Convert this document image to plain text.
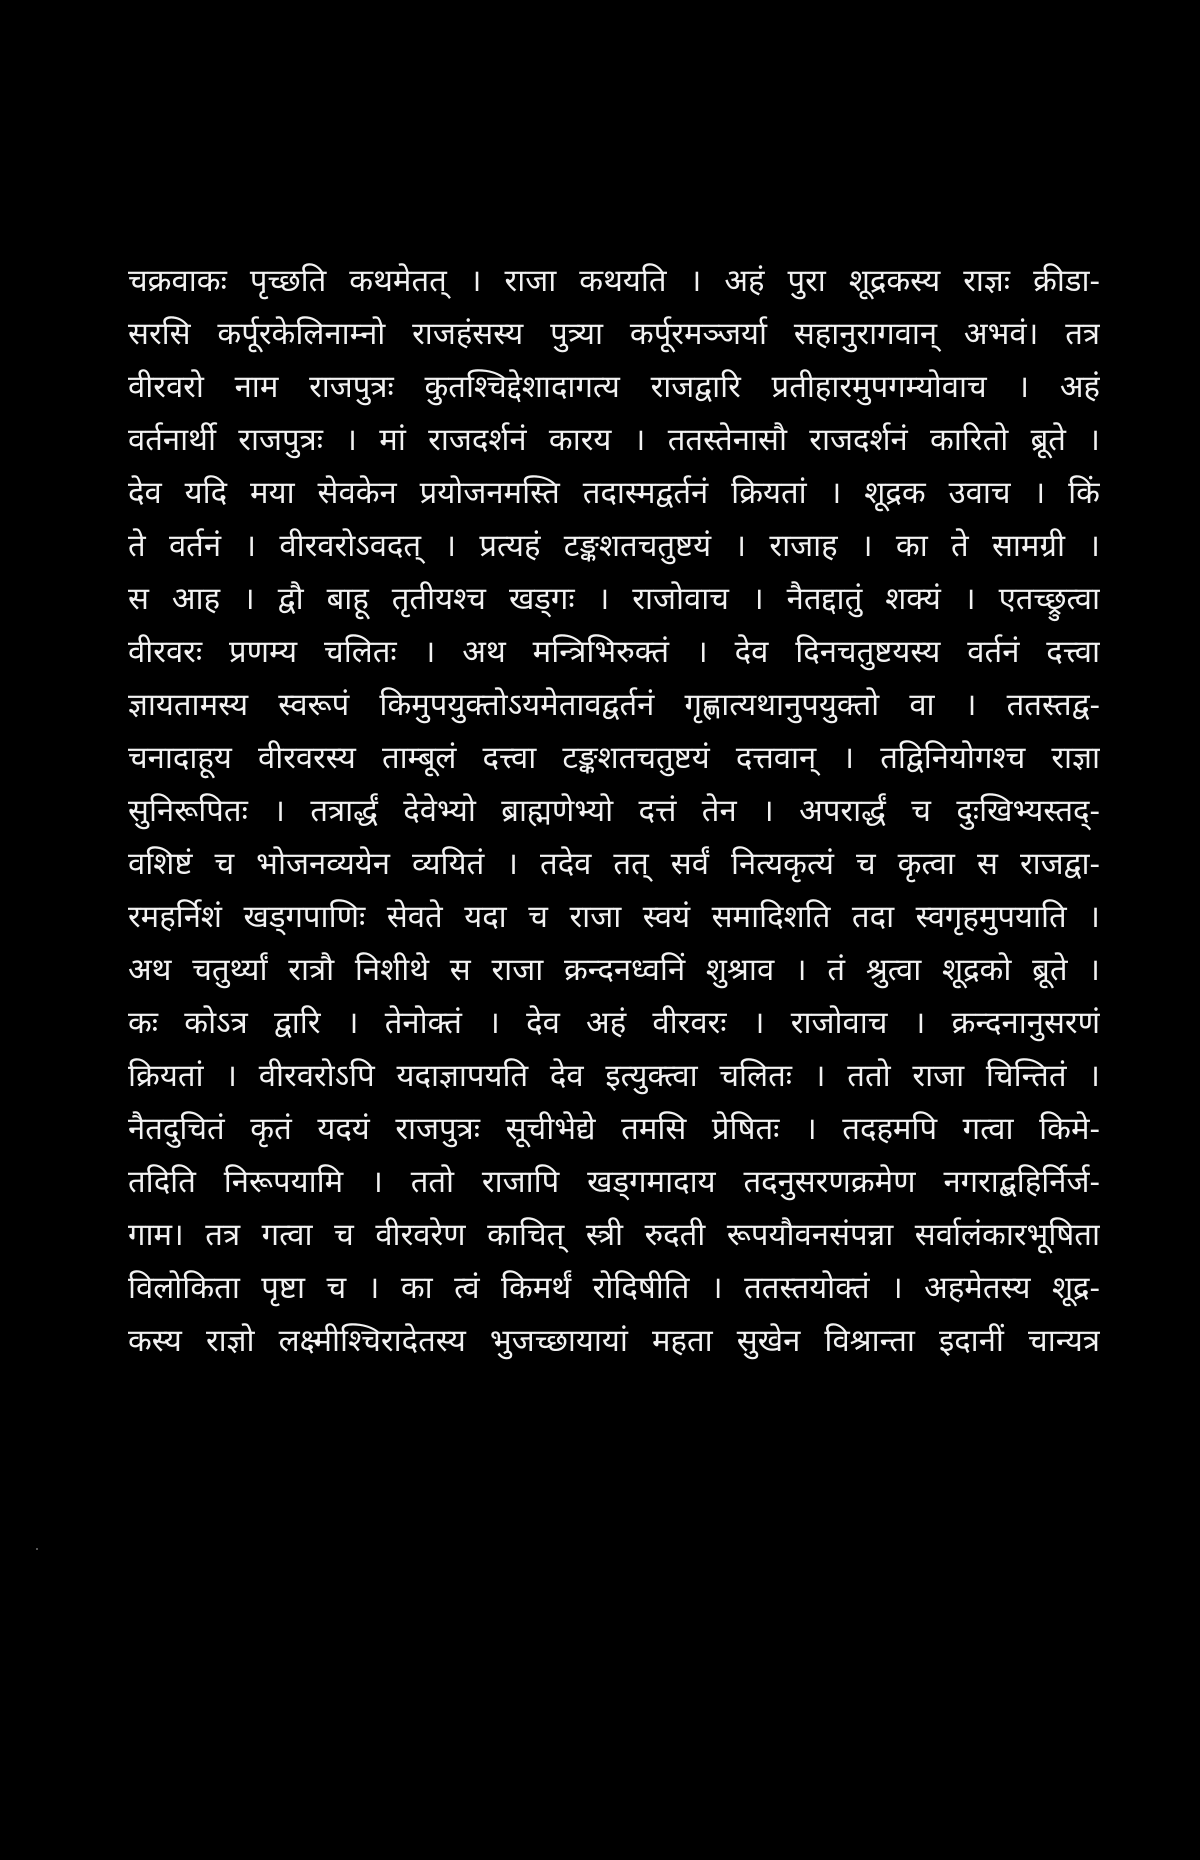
चक्रवाकः पृच्छति कथमेतत् । राजा कथयति । अहं पुरा शूद्रकस्य राज्ञः क्रीडा-
सरसि कर्पूरकेलिनाम्नो राजहंसस्य पुत्र्या कर्पूरमञ्जर्या सहानुरागवान् अभवं। तत्र
वीरवरो नाम राजपुत्रः कुतश्चिद्देशादागत्य राजद्वारि प्रतीहारमुपगम्योवाच । अहं
वर्तनार्थी राजपुत्रः । मां राजदर्शनं कारय । ततस्तेनासौ राजदर्शनं कारितो ब्रूते ।
देव यदि मया सेवकेन प्रयोजनमस्ति तदास्मद्वर्तनं क्रियतां । शूद्रक उवाच । किं
ते वर्तनं । वीरवरोऽवदत् । प्रत्यहं टङ्कशतचतुष्टयं । राजाह । का ते सामग्री ।
स आह । द्वौ बाहू तृतीयश्च खड्गः । राजोवाच । नैतद्दातुं शक्यं । एतच्छ्रुत्वा
वीरवरः प्रणम्य चलितः । अथ मन्त्रिभिरुक्तं । देव दिनचतुष्टयस्य वर्तनं दत्त्वा
ज्ञायतामस्य स्वरूपं किमुपयुक्तोऽयमेतावद्वर्तनं गृह्णात्यथानुपयुक्तो वा । ततस्तद्व-
चनादाहूय वीरवरस्य ताम्बूलं दत्त्वा टङ्कशतचतुष्टयं दत्तवान् । तद्विनियोगश्च राज्ञा
सुनिरूपितः । तत्रार्द्धं देवेभ्यो ब्राह्मणेभ्यो दत्तं तेन । अपरार्द्धं च दुःखिभ्यस्तद्-
वशिष्टं च भोजनव्ययेन व्ययितं । तदेव तत् सर्वं नित्यकृत्यं च कृत्वा स राजद्वा-
रमहर्निशं खड्गपाणिः सेवते यदा च राजा स्वयं समादिशति तदा स्वगृहमुपयाति ।
अथ चतुर्थ्यां रात्रौ निशीथे स राजा क्रन्दनध्वनिं शुश्राव । तं श्रुत्वा शूद्रको ब्रूते ।
कः कोऽत्र द्वारि । तेनोक्तं । देव अहं वीरवरः । राजोवाच । क्रन्दनानुसरणं
क्रियतां । वीरवरोऽपि यदाज्ञापयति देव इत्युक्त्वा चलितः । ततो राजा चिन्तितं ।
नैतदुचितं कृतं यदयं राजपुत्रः सूचीभेद्ये तमसि प्रेषितः । तदहमपि गत्वा किमे-
तदिति निरूपयामि । ततो राजापि खड्गमादाय तदनुसरणक्रमेण नगराद्बहिर्निर्ज-
गाम। तत्र गत्वा च वीरवरेण काचित् स्त्री रुदती रूपयौवनसंपन्ना सर्वालंकारभूषिता
विलोकिता पृष्टा च । का त्वं किमर्थं रोदिषीति । ततस्तयोक्तं । अहमेतस्य शूद्र-
कस्य राज्ञो लक्ष्मीश्चिरादेतस्य भुजच्छायायां महता सुखेन विश्रान्ता इदानीं चान्यत्र
